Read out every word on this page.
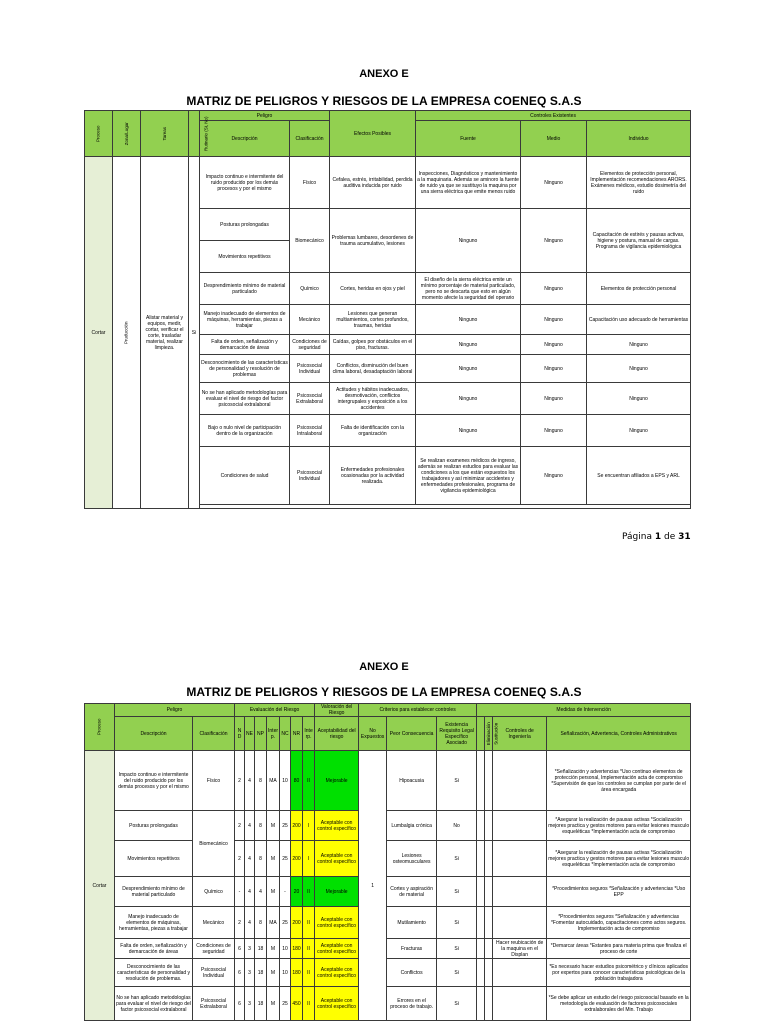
ANEXO E
MATRIZ DE PELIGROS Y RIESGOS DE LA EMPRESA COENEQ S.A.S
Proceso	Zona/Lugar	Tareas	Rutinario (Si, No)	Peligro		Efectos Posibles	Controles Existentes		
				Descripción	Clasificación		Fuente	Medio	Individuo
Cortar	Pruducción	Alistar material y equipos, medir, cortar, verificar el corte, trasladar material, realizar limpieza.	Si	Impacto continuo e intermitente del ruido producido por los demás procesos y por el mismo	Físico	Cefalea, estrés, irritabilidad, perdida auditiva inducida por ruido	Inspecciones, Diagnósticos y mantenimiento a la maquinaria. Además se aminoro la fuente de ruido ya que se sustituyo la maquina por una sierra eléctrica que emite menos ruido	Ninguno	Elementos de protección personal, Implementación recomendaciones ARORS. Exámenes médicos, estudio dosimetría del ruido
				Posturas prolongadas	Biomecánico	Problemas lumbares, desordenes de trauma acumulativo, lesiones	Ninguno	Ninguno	Capacitación de estirés y pausas activas, higiene y postura, manual de cargas. Programa de vigilancia epidemiológica
				Movimientos repetitivos					
				Desprendimiento mínimo de material particulado	Químico	Cortes, heridas en ojos y piel	El diseño de la sierra eléctrica emite un mínimo porcentaje de material particulado, pero no se descarta que esto en algún momento afecte la seguridad del operario	Ninguno	Elementos de protección personal
				Manejo inadecuado de elementos de máquinas, herramientas, piezas a trabajar	Mecánico	Lesiones que generan multiamientos, cortes profundos, traumas, heridas	Ninguno	Ninguno	Capacitación uso adecuado de herramientas
				Falta de orden, señalización y demarcación de áreas	Condiciones de seguridad	Caídas, golpes por obstáculos en el piso, fracturas.	Ninguno	Ninguno	Ninguno
				Desconocimiento de las características de personalidad y resolución de problemas	Psicosocial Individual	Conflictos, disminución del buen clima laboral, desadaptación laboral	Ninguno	Ninguno	Ninguno
				No se han aplicado metodologías para evaluar el nivel de riesgo del factor psicosocial extralaboral	Psicosocial Extralaboral	Actitudes y hábitos inadecuados, desmotivación, conflictos intergrupales y exposición a los accidentes	Ninguno	Ninguno	Ninguno
				Bajo o nulo nivel de participación dentro de la organización	Psicosocial Intralaboral	Falta de identificación con la organización	Ninguno	Ninguno	Ninguno
				Condiciones de salud	Psicosocial Individual	Enfermedades profesionales ocasionadas por la actividad realizada.	Se realizan examenes médicos de ingreso, además se realizan estudios para evaluar las condiciones a los que están expuestos los trabajadores y así minimizar accidentes y enfermedades profesionales, programa de vigilancia epidemiológica	Ninguno	Se encuentran afiliados a EPS y ARL

Página 1 de 31
ANEXO E
MATRIZ DE PELIGROS Y RIESGOS DE LA EMPRESA COENEQ S.A.S
Proceso	Peligro		Evaluación del Riesgo							Valoración del Riesgo	Criterios para establecer controles			Medidas de Intervención			
	Descripción	Clasificación	ND	NE	NP	Interp.	NC	NR	Interp.	Aceptabilidad del riesgo	No Expuestos	Peor Consecuencia	Existencia Requisito Legal Específico Asociado	Eliminación	Sustitución	Controles de Ingeniería	Señalización, Advertencia, Controles Administrativos
Cortar	Impacto continuo e intermitente del ruido producido por los demás procesos y por el mismo	Físico	2	4	8	MA	10	80	II	Mejorable	1	Hipoacusia	Si				*Señalización y advertencias *Uso continuo elementos de protección personal, Implementación acta de compromiso *Supervisión de que los controles se cumplan por parte de el área encargada
	Posturas prolongadas	Biomecánico	2	4	8	M	25	200	I	Aceptable con control específico		Lumbalgia crónica	No				*Asegurar la realización de pausas activas *Socialización mejores practica y gestos motores para evitar lesiones musculo esqueléticas *Implementación acta de compromiso
	Movimientos repetitivos		2	4	8	M	25	200	I	Aceptable con control específico		Lesiones osteomusculares	Si				*Asegurar la realización de pausas activas *Socialización mejores practica y gestos motores para evitar lesiones musculo esqueléticas *Implementación acta de compromiso
	Desprendimiento mínimo de material particulado	Químico	-	4	4	M	-	20	II	Mejorable		Cortes y aspiración de material	Si				*Procedimientos seguros *Señalización y advertencias *Uso EPP
	Manejo inadecuado de elementos de máquinas, herramientas, piezas a trabajar	Mecánico	2	4	8	MA	25	200	II	Aceptable con control específico		Mutilamiento	Si				*Procedimientos seguros *Señalización y advertencias *Fomentar autocuidado, capacitaciones como actos seguros. Implementación acta de compromiso
	Falta de orden, señalización y demarcación de áreas	Condiciones de seguridad	6	3	18	M	10	180	II	Aceptable con control específico		Fracturas	Si			Hacer reubicación de la maquina en el Displan	*Demarcar áreas *Estantes para materia prima que finaliza el proceso de corte
	Desconocimiento de las características de personalidad y resolución de problemas.	Psicosocial Individual	6	3	18	M	10	180	II	Aceptable con control específico		Conflictos	Si				*Es necesario hacer estudios psicométrico y clínicos aplicados por expertos para conocer características psicológicas de la población trabajadora
	No se han aplicado metodologías para evaluar el nivel de riesgo del factor psicosocial extralaboral	Psicosocial Extralaboral	6	3	18	M	25	450	II	Aceptable con control específico		Errores en el proceso de trabajo.	Si				*Se debe aplicar un estudio del riesgo psicosocial basado en la metodología de evaluación de factores psicosociales extralaborales del Min. Trabajo
